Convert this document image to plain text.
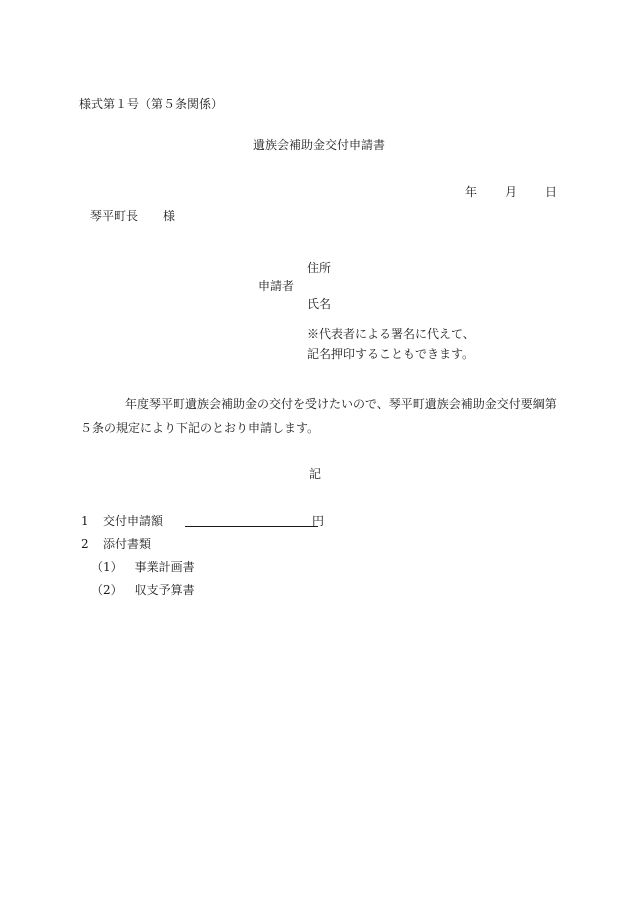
様式第１号（第５条関係）
遺族会補助金交付申請書
年 月 日
琴平町長 様
住所
申請者
氏名
※代表者による署名に代えて、
記名押印することもできます。
年度琴平町遺族会補助金の交付を受けたいので、琴平町遺族会補助金交付要綱第
５条の規定により下記のとおり申請します。
記
1 交付申請額	円
2 添付書類
（1） 事業計画書
（2） 収支予算書
